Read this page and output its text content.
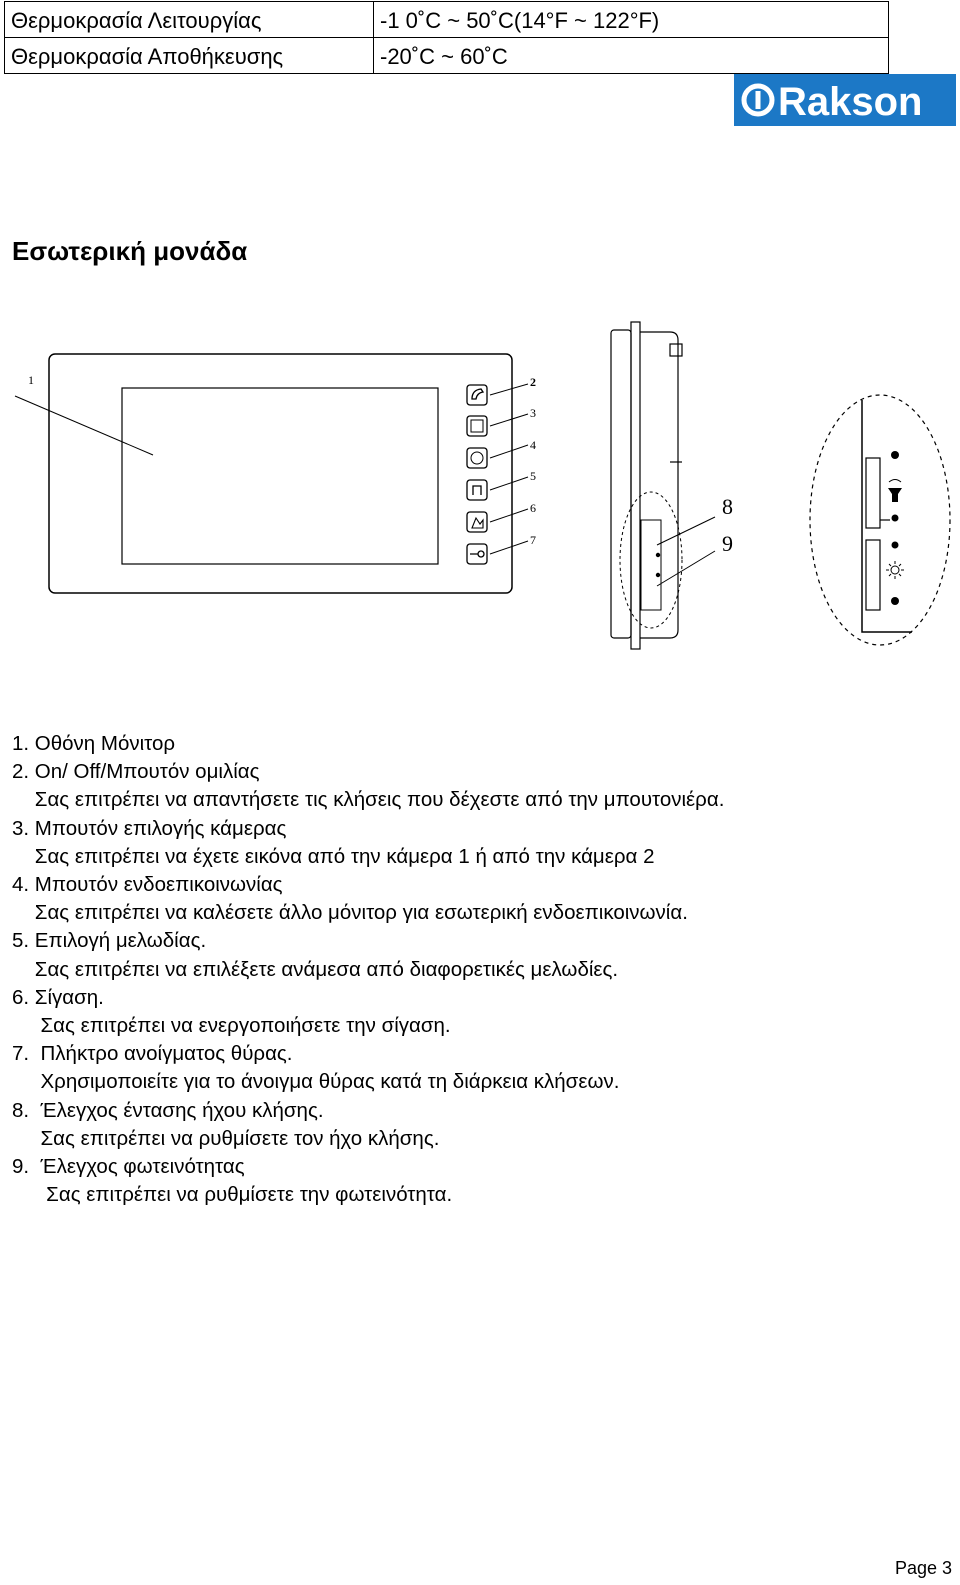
Θερμοκρασία Λειτουργίας	-1 0˚C ~ 50˚C(14°F ~ 122°F)
Θερμοκρασία Αποθήκευσης	-20˚C ~ 60˚C
Rakson
Εσωτερική μονάδα
1	2
3
4
5
6
7
8
9
1. Οθόνη Μόνιτορ
2. On/ Off/Μπουτόν ομιλίας
Σας επιτρέπει να απαντήσετε τις κλήσεις που δέχεστε από την μπουτονιέρα.
3. Μπουτόν επιλογής κάμερας
Σας επιτρέπει να έχετε εικόνα από την κάμερα 1 ή από την κάμερα 2
4. Μπουτόν ενδοεπικοινωνίας
Σας επιτρέπει να καλέσετε άλλο μόνιτορ για εσωτερική ενδοεπικοινωνία.
5. Επιλογή μελωδίας.
Σας επιτρέπει να επιλέξετε ανάμεσα από διαφορετικές μελωδίες.
6. Σίγαση.
Σας επιτρέπει να ενεργοποιήσετε την σίγαση.
7.  Πλήκτρο ανοίγματος θύρας.
Χρησιμοποιείτε για το άνοιγμα θύρας κατά τη διάρκεια κλήσεων.
8.  Έλεγχος έντασης ήχου κλήσης.
Σας επιτρέπει να ρυθμίσετε τον ήχο κλήσης.
9.  Έλεγχος φωτεινότητας
Σας επιτρέπει να ρυθμίσετε την φωτεινότητα.
Page 3
